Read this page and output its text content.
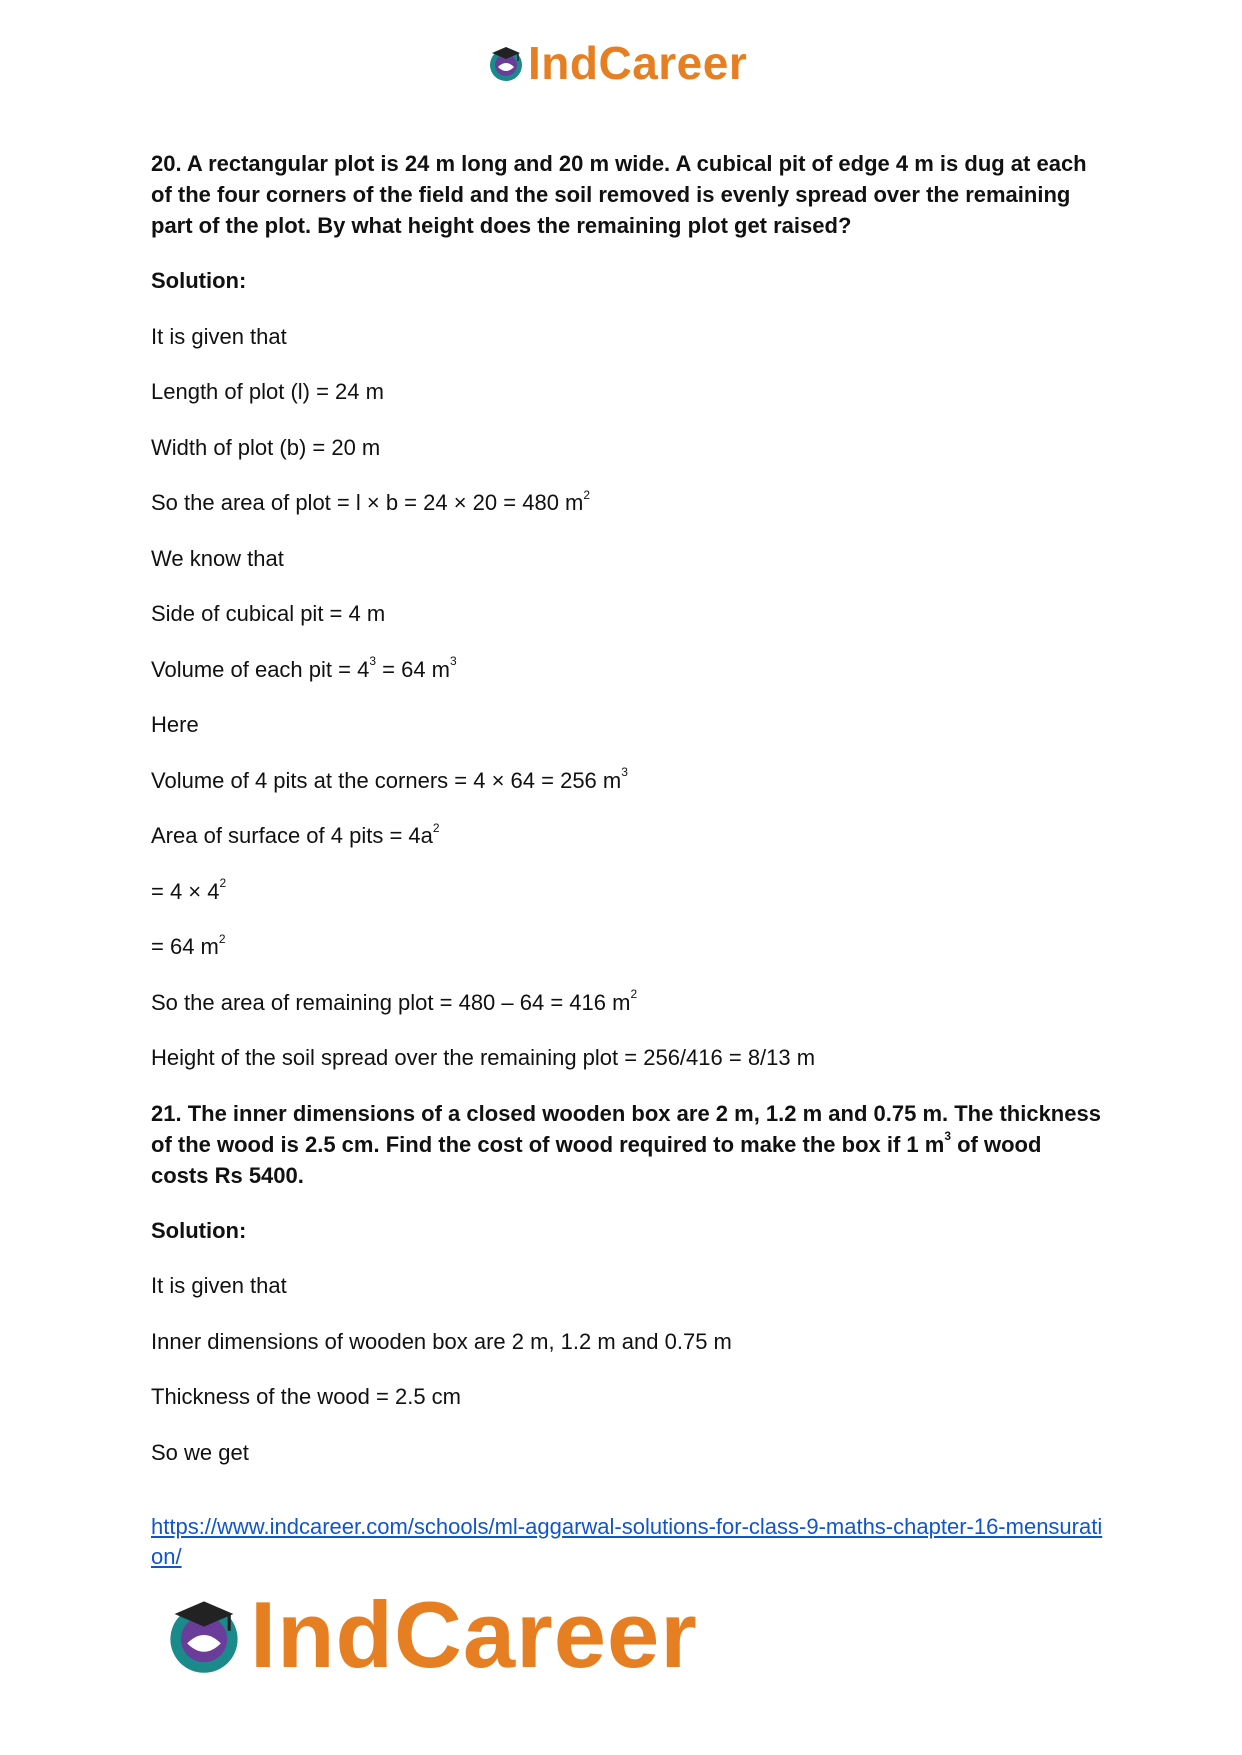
IndCareer

20. A rectangular plot is 24 m long and 20 m wide. A cubical pit of edge 4 m is dug at each of the four corners of the field and the soil removed is evenly spread over the remaining part of the plot. By what height does the remaining plot get raised?

Solution:

It is given that

Length of plot (l) = 24 m

Width of plot (b) = 20 m

So the area of plot = l × b = 24 × 20 = 480 $m^2$

We know that

Side of cubical pit = 4 m

Volume of each pit = $4^3 = 64$ $m^3$

Here

Volume of 4 pits at the corners = 4 × 64 = 256 $m^3$

Area of surface of 4 pits = $4a^2$

= $4 \times 4^2$

= 64 $m^2$

So the area of remaining plot = 480 – 64 = 416 $m^2$

Height of the soil spread over the remaining plot = 256/416 = 8/13 m

21. The inner dimensions of a closed wooden box are 2 m, 1.2 m and 0.75 m. The thickness of the wood is 2.5 cm. Find the cost of wood required to make the box if 1 $m^3$ of wood costs Rs 5400.

Solution:

It is given that

Inner dimensions of wooden box are 2 m, 1.2 m and 0.75 m

Thickness of the wood = 2.5 cm

So we get

https://www.indcareer.com/schools/ml-aggarwal-solutions-for-class-9-maths-chapter-16-mensuration/
IndCareer
